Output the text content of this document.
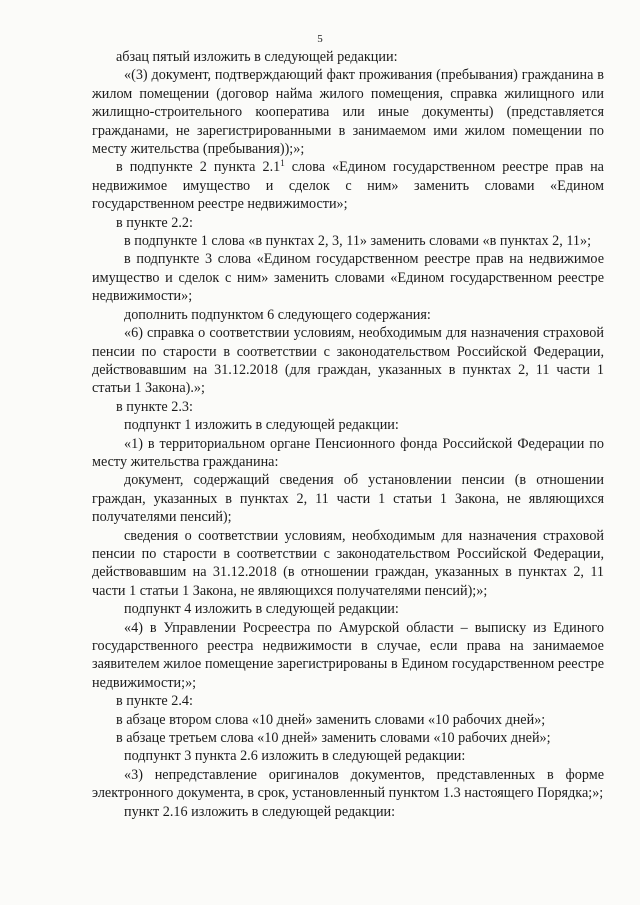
5

абзац пятый изложить в следующей редакции:

«(3) документ, подтверждающий факт проживания (пребывания) гражданина в жилом помещении (договор найма жилого помещения, справка жилищного или жилищно-строительного кооператива или иные документы) (представляется гражданами, не зарегистрированными в занимаемом ими жилом помещении по месту жительства (пребывания));»;

в подпункте 2 пункта $2.1^1$ слова «Едином государственном реестре прав на недвижимое имущество и сделок с ним» заменить словами «Едином государственном реестре недвижимости»;

в пункте 2.2:

в подпункте 1 слова «в пунктах 2, 3, 11» заменить словами «в пунктах 2, 11»;

в подпункте 3 слова «Едином государственном реестре прав на недвижимое имущество и сделок с ним» заменить словами «Едином государственном реестре недвижимости»;

дополнить подпунктом 6 следующего содержания:

«6) справка о соответствии условиям, необходимым для назначения страховой пенсии по старости в соответствии с законодательством Российской Федерации, действовавшим на 31.12.2018 (для граждан, указанных в пунктах 2, 11 части 1 статьи 1 Закона).»;

в пункте 2.3:

подпункт 1 изложить в следующей редакции:

«1) в территориальном органе Пенсионного фонда Российской Федерации по месту жительства гражданина:

документ, содержащий сведения об установлении пенсии (в отношении граждан, указанных в пунктах 2, 11 части 1 статьи 1 Закона, не являющихся получателями пенсий);

сведения о соответствии условиям, необходимым для назначения страховой пенсии по старости в соответствии с законодательством Российской Федерации, действовавшим на 31.12.2018 (в отношении граждан, указанных в пунктах 2, 11 части 1 статьи 1 Закона, не являющихся получателями пенсий);»;

подпункт 4 изложить в следующей редакции:

«4) в Управлении Росреестра по Амурской области – выписку из Единого государственного реестра недвижимости в случае, если права на занимаемое заявителем жилое помещение зарегистрированы в Едином государственном реестре недвижимости;»;

в пункте 2.4:

в абзаце втором слова «10 дней» заменить словами «10 рабочих дней»;

в абзаце третьем слова «10 дней» заменить словами «10 рабочих дней»;

подпункт 3 пункта 2.6 изложить в следующей редакции:

«3) непредставление оригиналов документов, представленных в форме электронного документа, в срок, установленный пунктом 1.3 настоящего Порядка;»;

пункт 2.16 изложить в следующей редакции:
